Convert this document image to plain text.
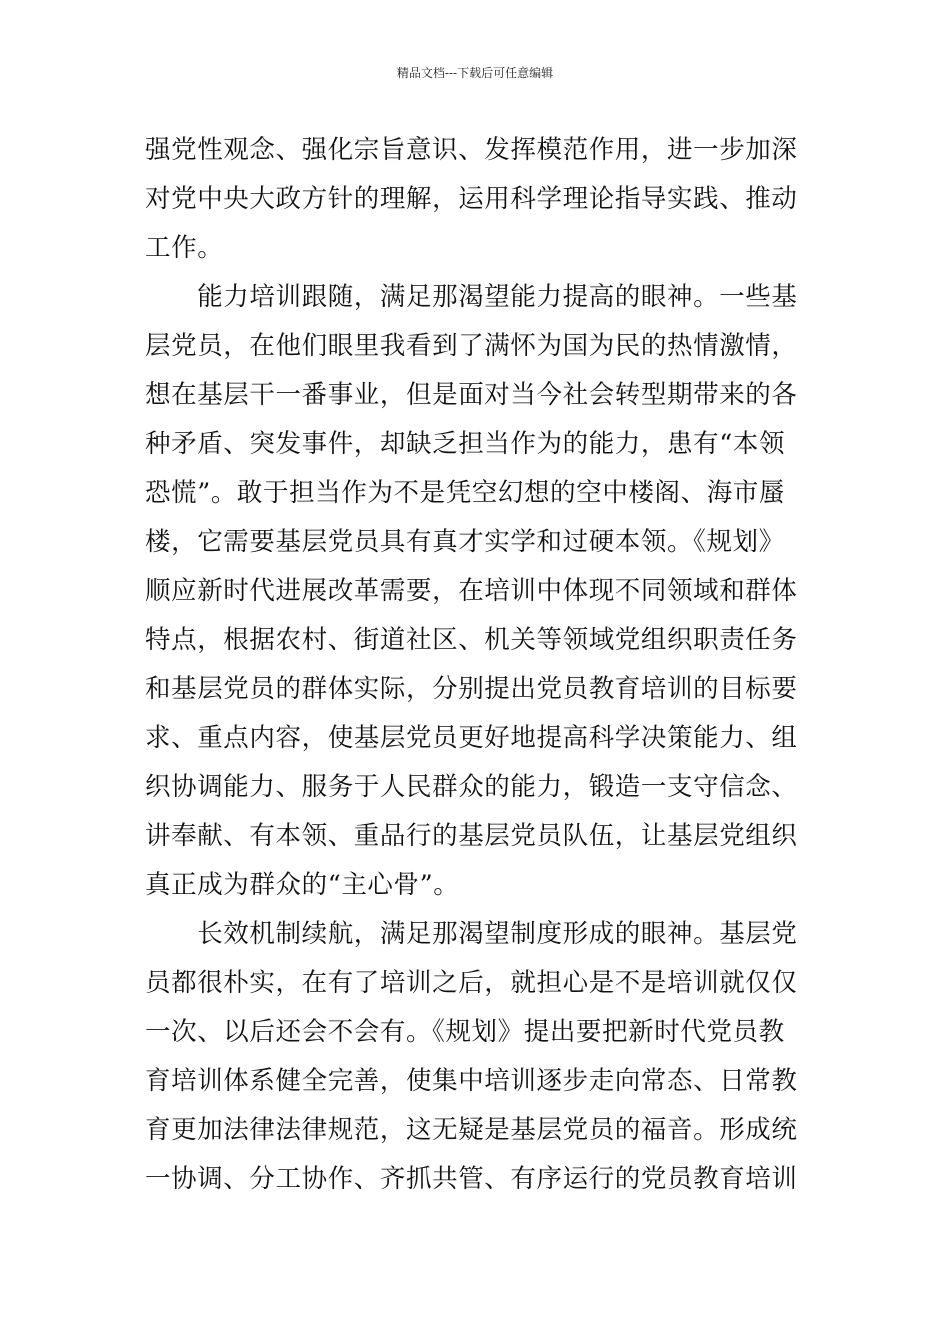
精品文档---下载后可任意编辑
强党性观念、强化宗旨意识、发挥模范作用，进一步加深
对党中央大政方针的理解，运用科学理论指导实践、推动
工作。
　　能力培训跟随，满足那渴望能力提高的眼神。一些基
层党员，在他们眼里我看到了满怀为国为民的热情激情，
想在基层干一番事业，但是面对当今社会转型期带来的各
种矛盾、突发事件，却缺乏担当作为的能力，患有“本领
恐慌”。敢于担当作为不是凭空幻想的空中楼阁、海市蜃
楼，它需要基层党员具有真才实学和过硬本领。《规划》
顺应新时代进展改革需要，在培训中体现不同领域和群体
特点，根据农村、街道社区、机关等领域党组织职责任务
和基层党员的群体实际，分别提出党员教育培训的目标要
求、重点内容，使基层党员更好地提高科学决策能力、组
织协调能力、服务于人民群众的能力，锻造一支守信念、
讲奉献、有本领、重品行的基层党员队伍，让基层党组织
真正成为群众的“主心骨”。
　　长效机制续航，满足那渴望制度形成的眼神。基层党
员都很朴实，在有了培训之后，就担心是不是培训就仅仅
一次、以后还会不会有。《规划》提出要把新时代党员教
育培训体系健全完善，使集中培训逐步走向常态、日常教
育更加法律法律规范，这无疑是基层党员的福音。形成统
一协调、分工协作、齐抓共管、有序运行的党员教育培训
